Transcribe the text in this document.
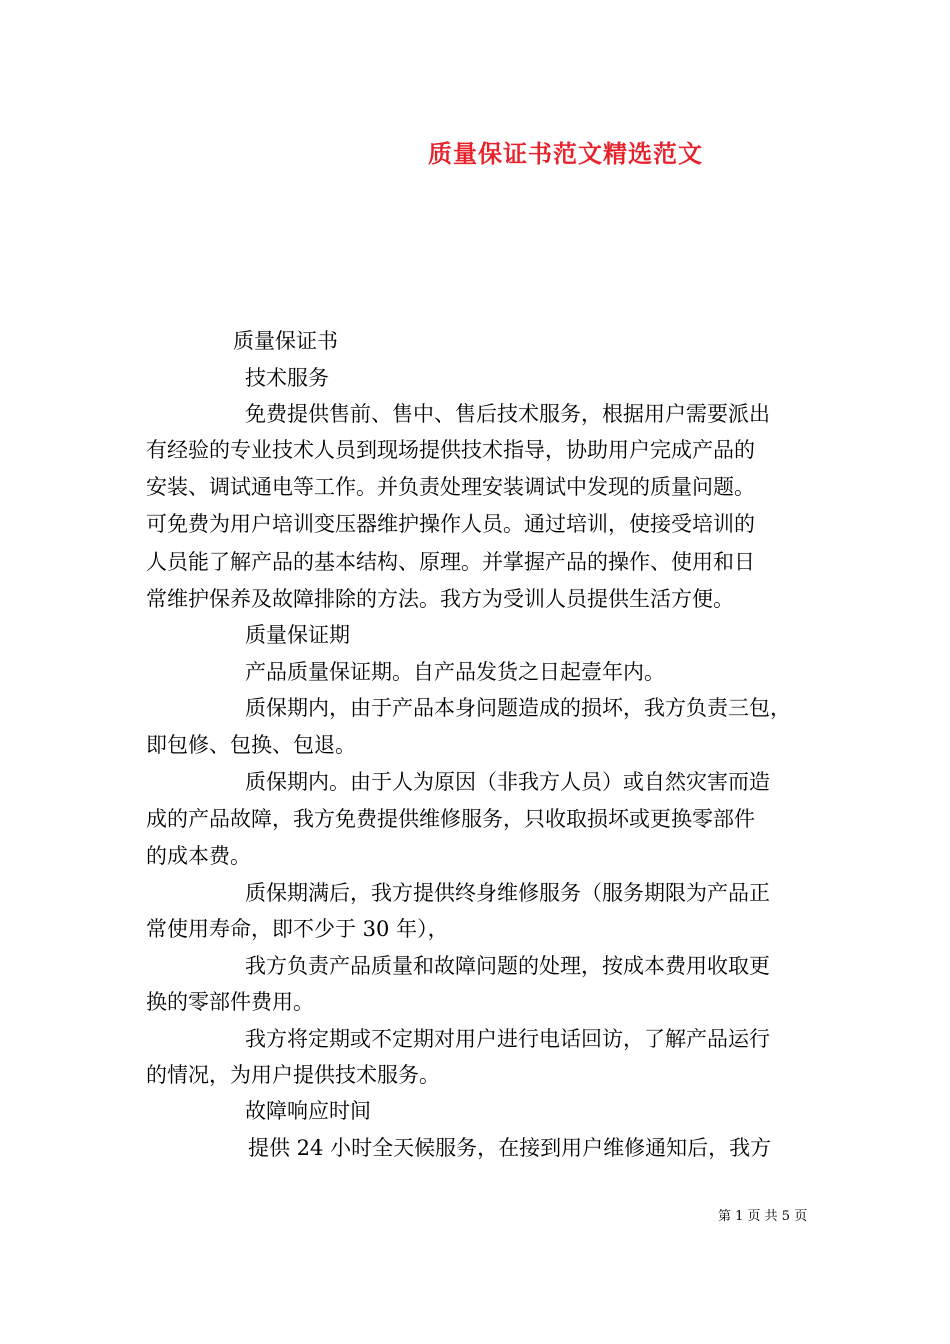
质量保证书范文精选范文
质量保证书
技术服务
免费提供售前、售中、售后技术服务，根据用户需要派出
有经验的专业技术人员到现场提供技术指导，协助用户完成产品的
安装、调试通电等工作。并负责处理安装调试中发现的质量问题。
可免费为用户培训变压器维护操作人员。通过培训，使接受培训的
人员能了解产品的基本结构、原理。并掌握产品的操作、使用和日
常维护保养及故障排除的方法。我方为受训人员提供生活方便。
质量保证期
产品质量保证期。自产品发货之日起壹年内。
质保期内，由于产品本身问题造成的损坏，我方负责三包，
即包修、包换、包退。
质保期内。由于人为原因（非我方人员）或自然灾害而造
成的产品故障，我方免费提供维修服务，只收取损坏或更换零部件
的成本费。
质保期满后，我方提供终身维修服务（服务期限为产品正
常使用寿命，即不少于 30 年），
我方负责产品质量和故障问题的处理，按成本费用收取更
换的零部件费用。
我方将定期或不定期对用户进行电话回访，了解产品运行
的情况，为用户提供技术服务。
故障响应时间
提供 24 小时全天候服务，在接到用户维修通知后，我方
第 1 页 共 5 页
